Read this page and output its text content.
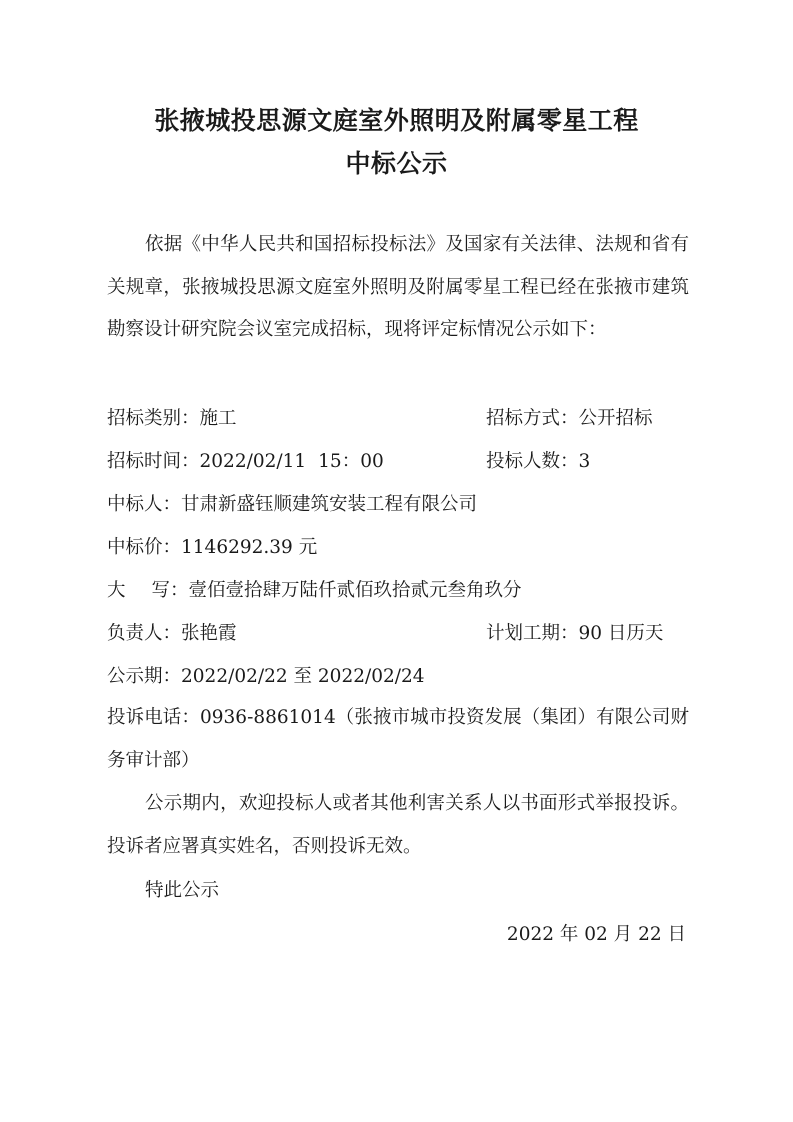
张掖城投思源文庭室外照明及附属零星工程
中标公示

依据《中华人民共和国招标投标法》及国家有关法律、法规和省有关规章，张掖城投思源文庭室外照明及附属零星工程已经在张掖市建筑勘察设计研究院会议室完成招标，现将评定标情况公示如下：

招标类别：施工	招标方式：公开招标
招标时间：2022/02/11 15：00	投标人数：3
中标人：甘肃新盛钰顺建筑安装工程有限公司
中标价：1146292.39 元
大 写：壹佰壹拾肆万陆仟贰佰玖拾贰元叁角玖分
负责人：张艳霞	计划工期：90 日历天
公示期：2022/02/22 至 2022/02/24

投诉电话：0936-8861014（张掖市城市投资发展（集团）有限公司财务审计部）

公示期内，欢迎投标人或者其他利害关系人以书面形式举报投诉。投诉者应署真实姓名，否则投诉无效。

特此公示
2022 年 02 月 22 日
